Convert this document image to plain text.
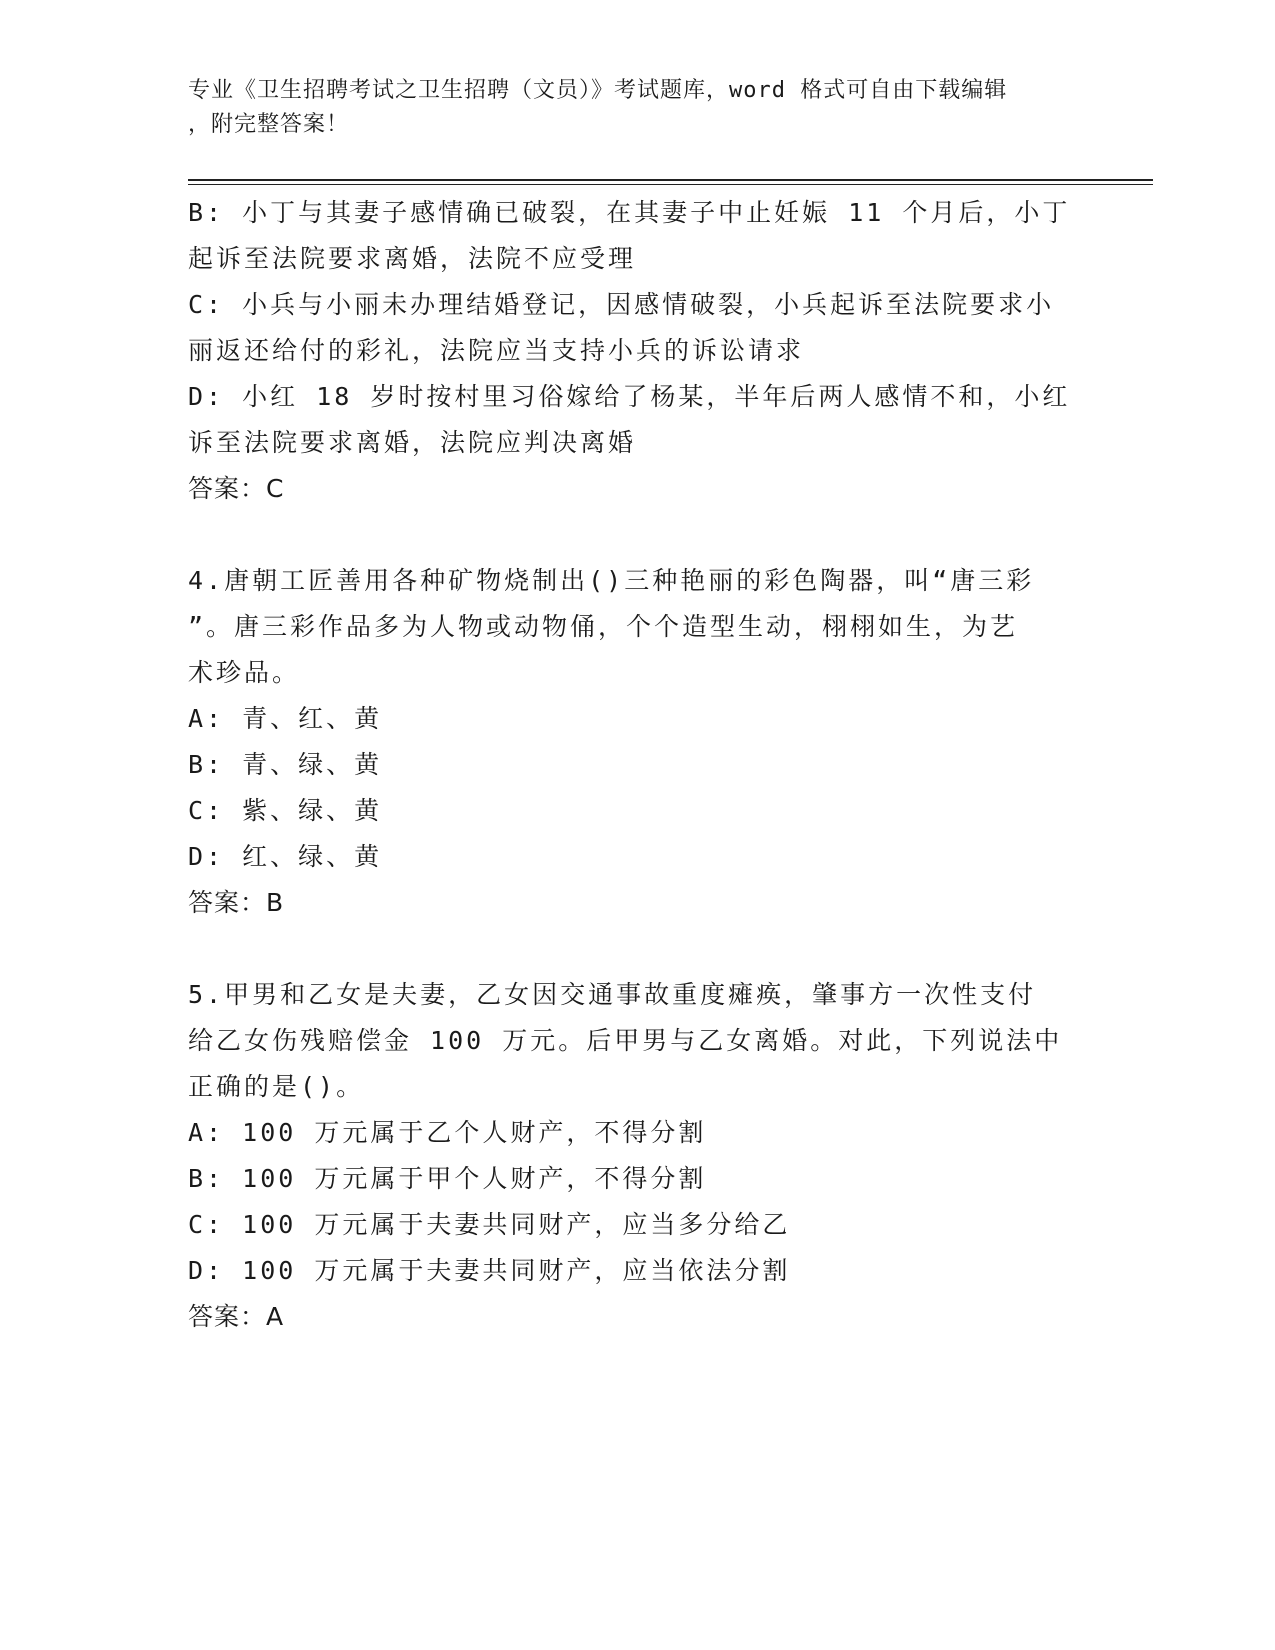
专业《卫生招聘考试之卫生招聘（文员）》考试题库，word 格式可自由下载编辑
，附完整答案！
B: 小丁与其妻子感情确已破裂，在其妻子中止妊娠 11 个月后，小丁
起诉至法院要求离婚，法院不应受理
C: 小兵与小丽未办理结婚登记，因感情破裂，小兵起诉至法院要求小
丽返还给付的彩礼，法院应当支持小兵的诉讼请求
D: 小红 18 岁时按村里习俗嫁给了杨某，半年后两人感情不和，小红
诉至法院要求离婚，法院应判决离婚
答案：C
4.唐朝工匠善用各种矿物烧制出()三种艳丽的彩色陶器，叫“唐三彩
”。唐三彩作品多为人物或动物俑，个个造型生动，栩栩如生，为艺
术珍品。
A: 青、红、黄
B: 青、绿、黄
C: 紫、绿、黄
D: 红、绿、黄
答案：B
5.甲男和乙女是夫妻，乙女因交通事故重度瘫痪，肇事方一次性支付
给乙女伤残赔偿金 100 万元。后甲男与乙女离婚。对此，下列说法中
正确的是()。
A: 100 万元属于乙个人财产，不得分割
B: 100 万元属于甲个人财产，不得分割
C: 100 万元属于夫妻共同财产，应当多分给乙
D: 100 万元属于夫妻共同财产，应当依法分割
答案：A
